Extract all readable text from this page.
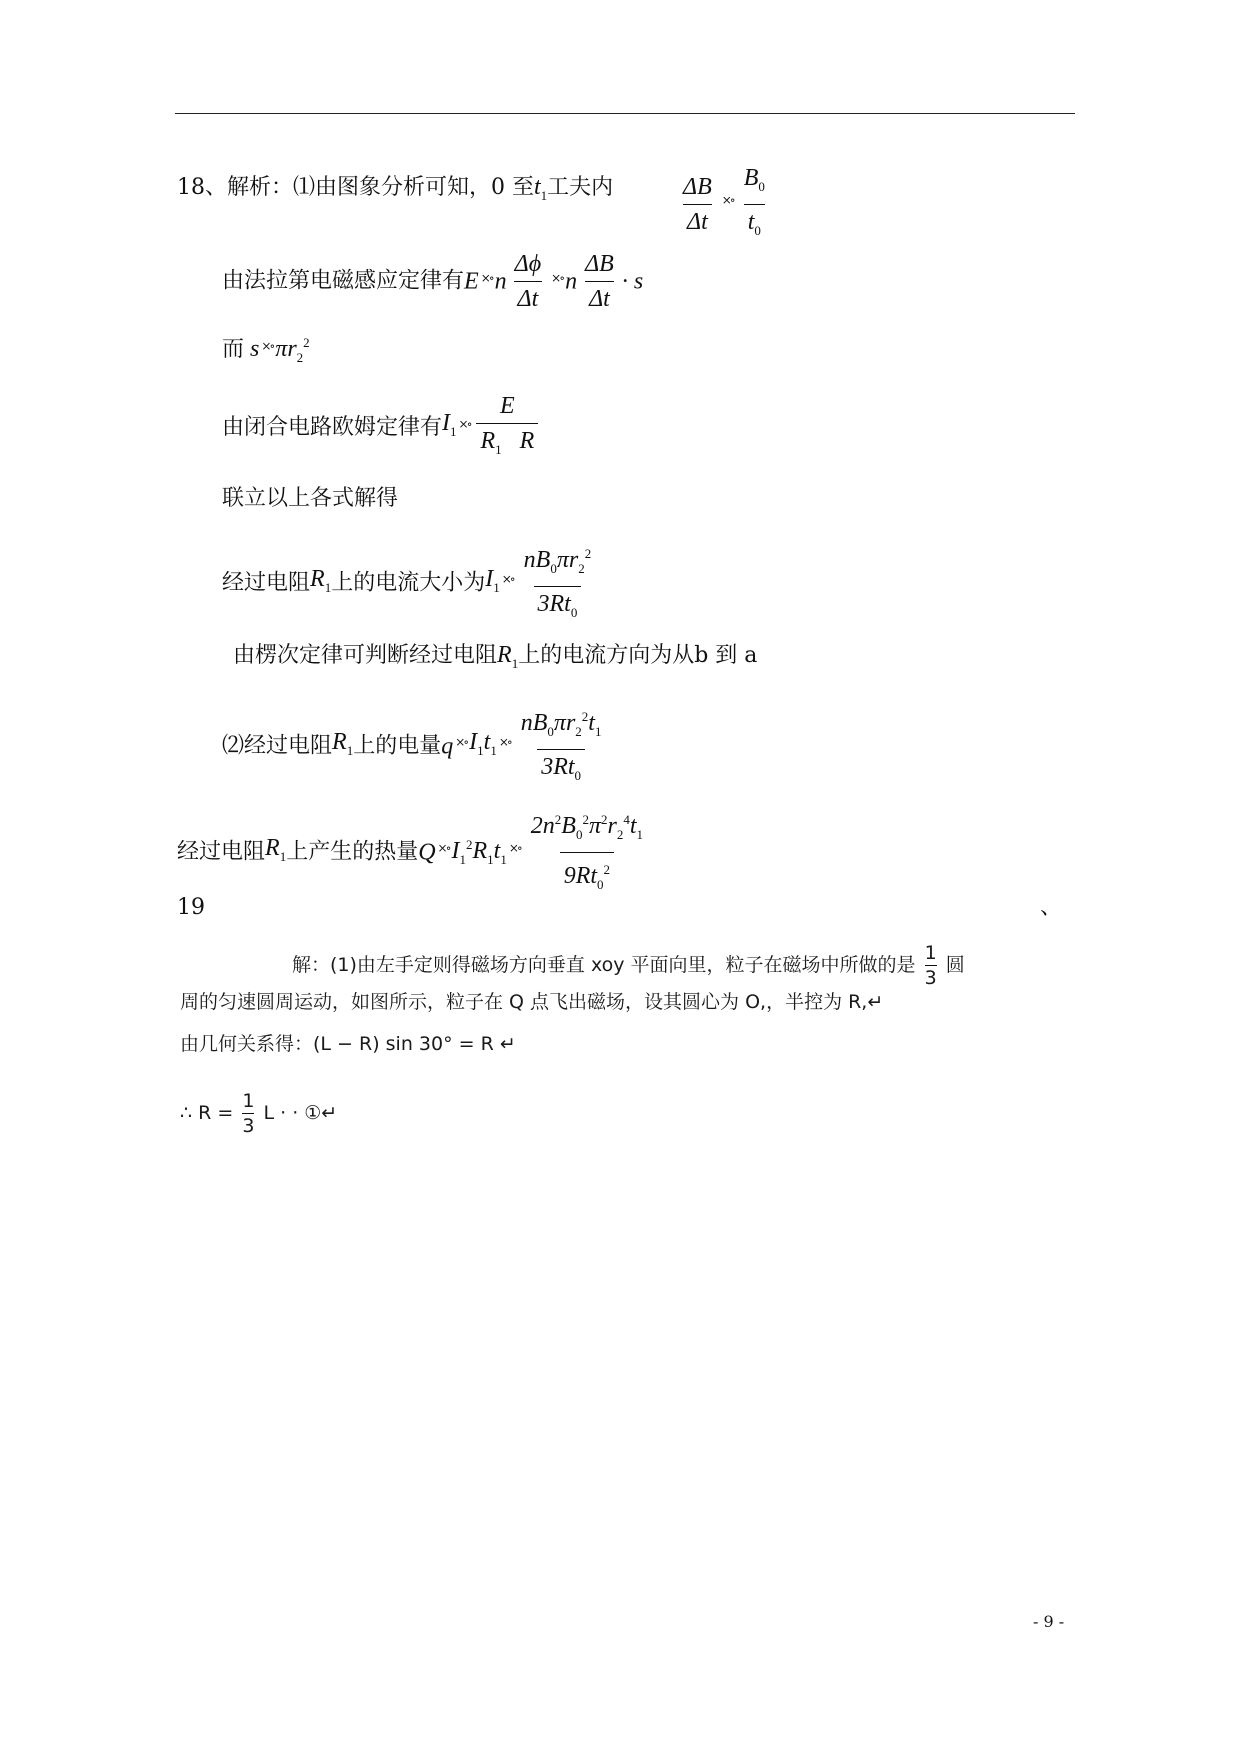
18、解析：⑴由图象分析可知，0 至$t_1$工夫内	$\frac{\Delta B}{\Delta t}$ ×∘ $\frac{B_0}{t_0}$
由法拉第电磁感应定律有E ×∘n $\frac{\Delta\phi}{\Delta t}$ ×∘n $\frac{\Delta B}{\Delta t} \cdot s$
而 $s \times\circ\pi r_2^2$
由闭合电路欧姆定律有$I_1\times\circ \frac{E}{R_1 R}$
联立以上各式解得
经过电阻$R_1$上的电流大小为$I_1\times\circ \frac{nB_0\pi r_2^2}{3Rt_0}$
由楞次定律可判断经过电阻$R_1$上的电流方向为从b 到 a
⑵经过电阻$R_1$上的电量$q \times\circ I_1t_1\times\circ \frac{nB_0\pi r_2^2t_1}{3Rt_0}$
经过电阻$R_1$上产生的热量$Q \times\circ I_1^2R_1t_1\times\circ \frac{2n^2B_0^2\pi^2r_2^4t_1}{9Rt_0^2}$
19	、
解：(1)由左手定则得磁场方向垂直 xoy 平面向里，粒子在磁场中所做的是 $\frac{1}{3}$ 圆
周的匀速圆周运动，如图所示，粒子在 Q 点飞出磁场，设其圆心为 O,，半控为 R,↵
由几何关系得：(L − R) sin 30° = R ↵
∴ $R = \frac{1}{3}$ L · · ①↵
- 9 -
